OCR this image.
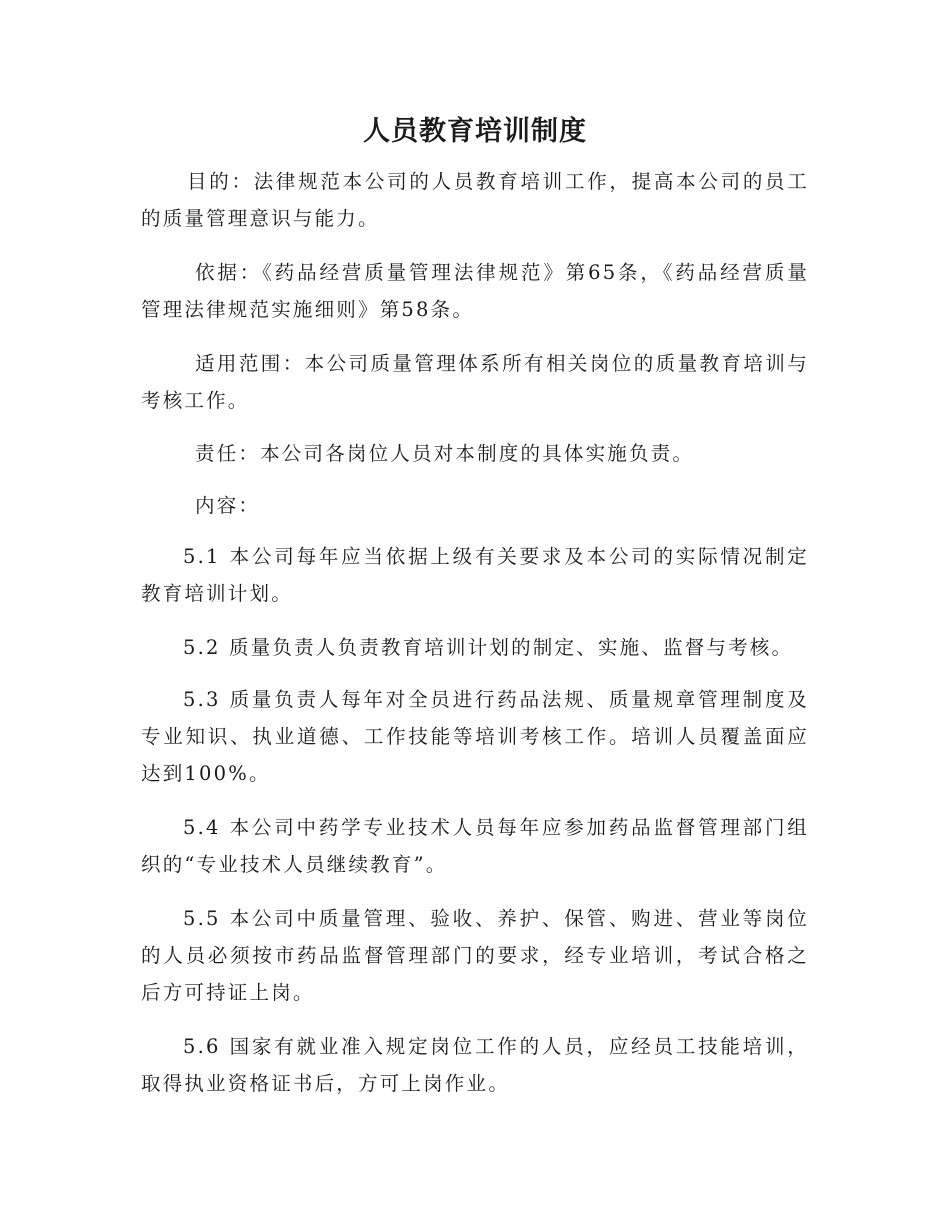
人员教育培训制度

目的：法律规范本公司的人员教育培训工作，提高本公司的员工的质量管理意识与能力。

依据：《药品经营质量管理法律规范》第65条，《药品经营质量管理法律规范实施细则》第58条。

适用范围：本公司质量管理体系所有相关岗位的质量教育培训与考核工作。

责任：本公司各岗位人员对本制度的具体实施负责。

内容：

5.1 本公司每年应当依据上级有关要求及本公司的实际情况制定教育培训计划。

5.2 质量负责人负责教育培训计划的制定、实施、监督与考核。

5.3 质量负责人每年对全员进行药品法规、质量规章管理制度及专业知识、执业道德、工作技能等培训考核工作。培训人员覆盖面应达到100%。

5.4 本公司中药学专业技术人员每年应参加药品监督管理部门组织的“专业技术人员继续教育”。

5.5 本公司中质量管理、验收、养护、保管、购进、营业等岗位的人员必须按市药品监督管理部门的要求，经专业培训，考试合格之后方可持证上岗。

5.6 国家有就业准入规定岗位工作的人员，应经员工技能培训，取得执业资格证书后，方可上岗作业。
